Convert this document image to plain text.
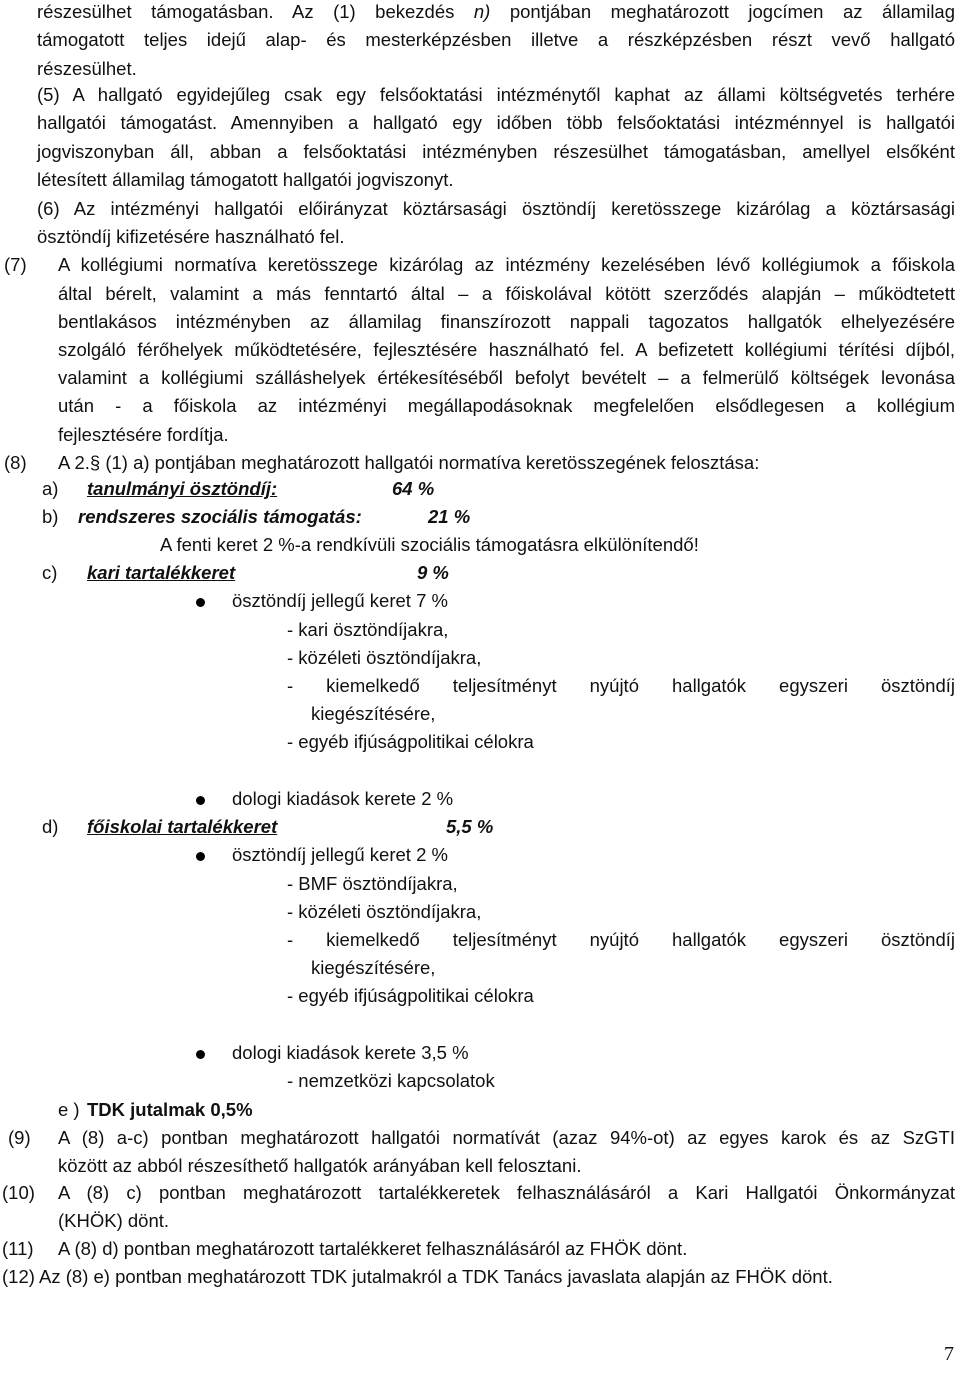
részesülhet támogatásban. Az (1) bekezdés n) pontjában meghatározott jogcímen az államilag
támogatott teljes idejű alap- és mesterképzésben illetve a részképzésben részt vevő hallgató
részesülhet.
(5) A hallgató egyidejűleg csak egy felsőoktatási intézménytől kaphat az állami költségvetés terhére
hallgatói támogatást. Amennyiben a hallgató egy időben több felsőoktatási intézménnyel is hallgatói
jogviszonyban áll, abban a felsőoktatási intézményben részesülhet támogatásban, amellyel elsőként
létesített államilag támogatott hallgatói jogviszonyt.
(6) Az intézményi hallgatói előirányzat köztársasági ösztöndíj keretösszege kizárólag a köztársasági
ösztöndíj kifizetésére használható fel.
(7) A kollégiumi normatíva keretösszege kizárólag az intézmény kezelésében lévő kollégiumok a főiskola
által bérelt, valamint a más fenntartó által – a főiskolával kötött szerződés alapján – működtetett
bentlakásos intézményben az államilag finanszírozott nappali tagozatos hallgatók elhelyezésére
szolgáló férőhelyek működtetésére, fejlesztésére használható fel. A befizetett kollégiumi térítési díjból,
valamint a kollégiumi szálláshelyek értékesítéséből befolyt bevételt – a felmerülő költségek levonása
után - a főiskola az intézményi megállapodásoknak megfelelően elsődlegesen a kollégium
fejlesztésére fordítja.
(8) A 2.§ (1) a) pontjában meghatározott hallgatói normatíva keretösszegének felosztása:
a) tanulmányi ösztöndíj:	64 %
b) rendszeres szociális támogatás:	21 %
A fenti keret 2 %-a rendkívüli szociális támogatásra elkülönítendő!
c) kari tartalékkeret	9 %
ösztöndíj jellegű keret 7 %
- kari ösztöndíjakra,
- közéleti ösztöndíjakra,
- kiemelkedő teljesítményt nyújtó hallgatók egyszeri ösztöndíj
kiegészítésére,
- egyéb ifjúságpolitikai célokra
dologi kiadások kerete 2 %
d) főiskolai tartalékkeret	5,5 %
ösztöndíj jellegű keret 2 %
- BMF ösztöndíjakra,
- közéleti ösztöndíjakra,
- kiemelkedő teljesítményt nyújtó hallgatók egyszeri ösztöndíj
kiegészítésére,
- egyéb ifjúságpolitikai célokra
dologi kiadások kerete 3,5 %
- nemzetközi kapcsolatok
e ) TDK jutalmak 0,5%
(9) A (8) a-c) pontban meghatározott hallgatói normatívát (azaz 94%-ot) az egyes karok és az SzGTI
között az abból részesíthető hallgatók arányában kell felosztani.
(10) A (8) c) pontban meghatározott tartalékkeretek felhasználásáról a Kari Hallgatói Önkormányzat
(KHÖK) dönt.
(11) A (8) d) pontban meghatározott tartalékkeret felhasználásáról az FHÖK dönt.
(12) Az (8) e) pontban meghatározott TDK jutalmakról a TDK Tanács javaslata alapján az FHÖK dönt.
7
